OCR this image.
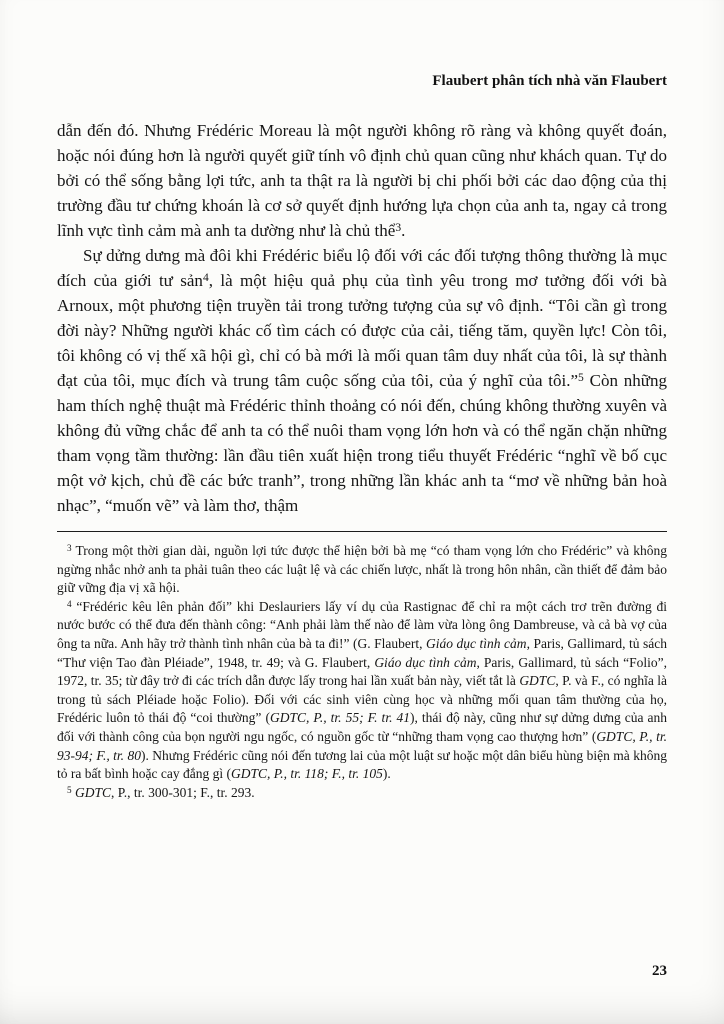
Flaubert phân tích nhà văn Flaubert

dẫn đến đó. Nhưng Frédéric Moreau là một người không rõ ràng và không quyết đoán, hoặc nói đúng hơn là người quyết giữ tính vô định chủ quan cũng như khách quan. Tự do bởi có thể sống bằng lợi tức, anh ta thật ra là người bị chi phối bởi các dao động của thị trường đầu tư chứng khoán là cơ sở quyết định hướng lựa chọn của anh ta, ngay cả trong lĩnh vực tình cảm mà anh ta dường như là chủ thể$^3$.

Sự dửng dưng mà đôi khi Frédéric biểu lộ đối với các đối tượng thông thường là mục đích của giới tư sản$^4$, là một hiệu quả phụ của tình yêu trong mơ tưởng đối với bà Arnoux, một phương tiện truyền tải trong tưởng tượng của sự vô định. “Tôi cần gì trong đời này? Những người khác cố tìm cách có được của cải, tiếng tăm, quyền lực! Còn tôi, tôi không có vị thế xã hội gì, chỉ có bà mới là mối quan tâm duy nhất của tôi, là sự thành đạt của tôi, mục đích và trung tâm cuộc sống của tôi, của ý nghĩ của tôi.”$^5$ Còn những ham thích nghệ thuật mà Frédéric thỉnh thoảng có nói đến, chúng không thường xuyên và không đủ vững chắc để anh ta có thể nuôi tham vọng lớn hơn và có thể ngăn chặn những tham vọng tầm thường: lần đầu tiên xuất hiện trong tiểu thuyết Frédéric “nghĩ về bố cục một vở kịch, chủ đề các bức tranh”, trong những lần khác anh ta “mơ về những bản hoà nhạc”, “muốn vẽ” và làm thơ, thậm

$^3$ Trong một thời gian dài, nguồn lợi tức được thể hiện bởi bà mẹ “có tham vọng lớn cho Frédéric” và không ngừng nhắc nhở anh ta phải tuân theo các luật lệ và các chiến lược, nhất là trong hôn nhân, cần thiết để đảm bảo giữ vững địa vị xã hội.

$^4$ “Frédéric kêu lên phản đối” khi Deslauriers lấy ví dụ của Rastignac để chỉ ra một cách trơ trẽn đường đi nước bước có thể đưa đến thành công: “Anh phải làm thế nào để làm vừa lòng ông Dambreuse, và cả bà vợ của ông ta nữa. Anh hãy trở thành tình nhân của bà ta đi!” (G. Flaubert, Giáo dục tình cảm, Paris, Gallimard, tủ sách “Thư viện Tao đàn Pléiade”, 1948, tr. 49; và G. Flaubert, Giáo dục tình cảm, Paris, Gallimard, tủ sách “Folio”, 1972, tr. 35; từ đây trở đi các trích dẫn được lấy trong hai lần xuất bản này, viết tắt là GDTC, P. và F., có nghĩa là trong tủ sách Pléiade hoặc Folio). Đối với các sinh viên cùng học và những mối quan tâm thường của họ, Frédéric luôn tỏ thái độ “coi thường” (GDTC, P., tr. 55; F. tr. 41), thái độ này, cũng như sự dửng dưng của anh đối với thành công của bọn người ngu ngốc, có nguồn gốc từ “những tham vọng cao thượng hơn” (GDTC, P., tr. 93-94; F., tr. 80). Nhưng Frédéric cũng nói đến tương lai của một luật sư hoặc một dân biểu hùng biện mà không tỏ ra bất bình hoặc cay đắng gì (GDTC, P., tr. 118; F., tr. 105).

$^5$ GDTC, P., tr. 300-301; F., tr. 293.

23
